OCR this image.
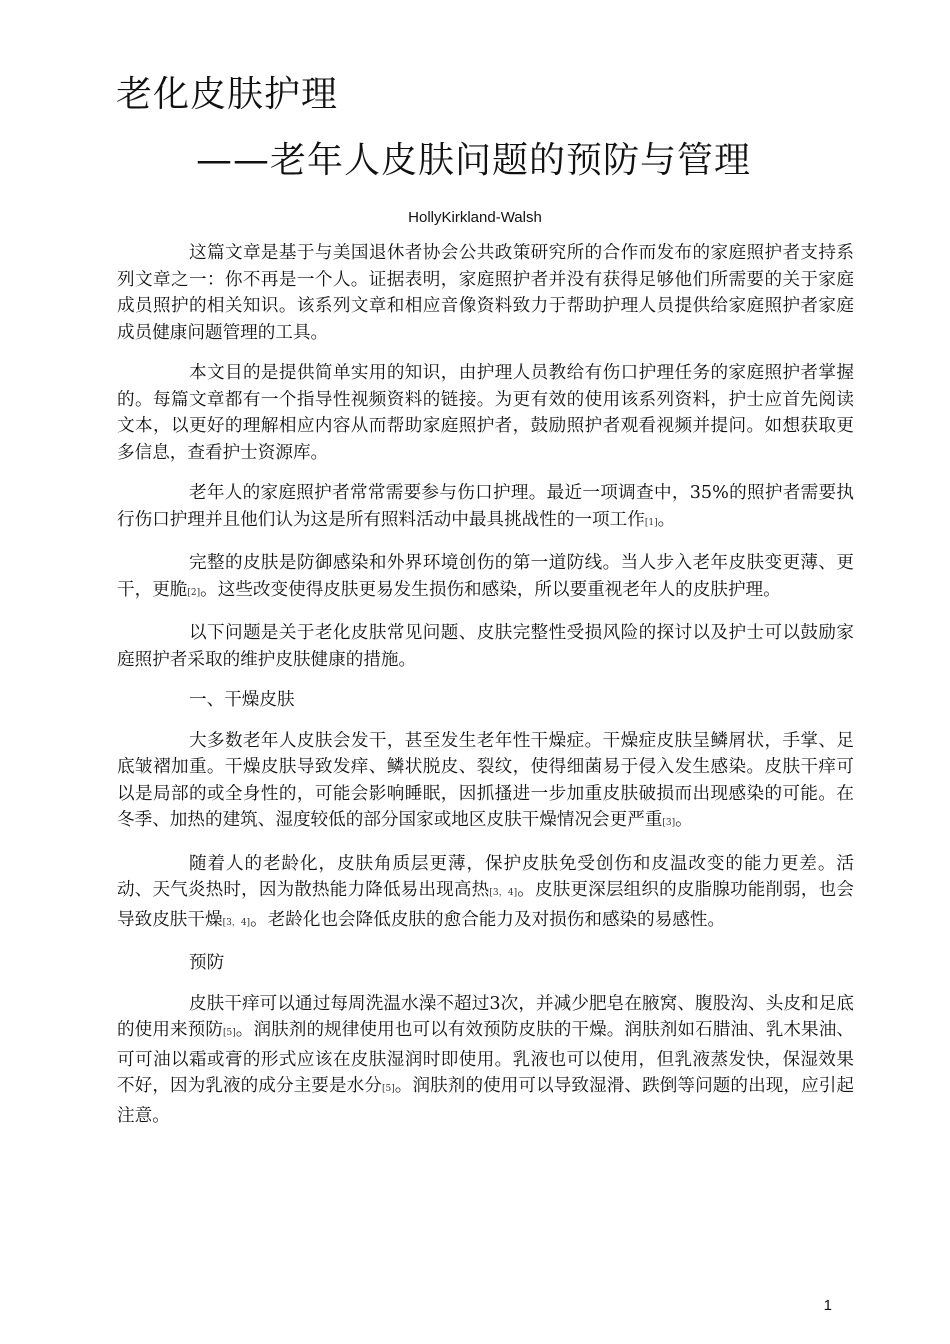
老化皮肤护理
——老年人皮肤问题的预防与管理
HollyKirkland-Walsh

这篇文章是基于与美国退休者协会公共政策研究所的合作而发布的家庭照护者支持系列文章之一：你不再是一个人。证据表明，家庭照护者并没有获得足够他们所需要的关于家庭成员照护的相关知识。该系列文章和相应音像资料致力于帮助护理人员提供给家庭照护者家庭成员健康问题管理的工具。

本文目的是提供简单实用的知识，由护理人员教给有伤口护理任务的家庭照护者掌握的。每篇文章都有一个指导性视频资料的链接。为更有效的使用该系列资料，护士应首先阅读文本，以更好的理解相应内容从而帮助家庭照护者，鼓励照护者观看视频并提问。如想获取更多信息，查看护士资源库。

老年人的家庭照护者常常需要参与伤口护理。最近一项调查中，35%的照护者需要执行伤口护理并且他们认为这是所有照料活动中最具挑战性的一项工作[1]。

完整的皮肤是防御感染和外界环境创伤的第一道防线。当人步入老年皮肤变更薄、更干，更脆[2]。这些改变使得皮肤更易发生损伤和感染，所以要重视老年人的皮肤护理。

以下问题是关于老化皮肤常见问题、皮肤完整性受损风险的探讨以及护士可以鼓励家庭照护者采取的维护皮肤健康的措施。

一、干燥皮肤

大多数老年人皮肤会发干，甚至发生老年性干燥症。干燥症皮肤呈鳞屑状，手掌、足底皱褶加重。干燥皮肤导致发痒、鳞状脱皮、裂纹，使得细菌易于侵入发生感染。皮肤干痒可以是局部的或全身性的，可能会影响睡眠，因抓搔进一步加重皮肤破损而出现感染的可能。在冬季、加热的建筑、湿度较低的部分国家或地区皮肤干燥情况会更严重[3]。

随着人的老龄化，皮肤角质层更薄，保护皮肤免受创伤和皮温改变的能力更差。活动、天气炎热时，因为散热能力降低易出现高热[3，4]。皮肤更深层组织的皮脂腺功能削弱，也会导致皮肤干燥[3，4]。老龄化也会降低皮肤的愈合能力及对损伤和感染的易感性。

预防

皮肤干痒可以通过每周洗温水澡不超过3次，并减少肥皂在腋窝、腹股沟、头皮和足底的使用来预防[5]。润肤剂的规律使用也可以有效预防皮肤的干燥。润肤剂如石腊油、乳木果油、可可油以霜或膏的形式应该在皮肤湿润时即使用。乳液也可以使用，但乳液蒸发快，保湿效果不好，因为乳液的成分主要是水分[5]。润肤剂的使用可以导致湿滑、跌倒等问题的出现，应引起注意。

1
